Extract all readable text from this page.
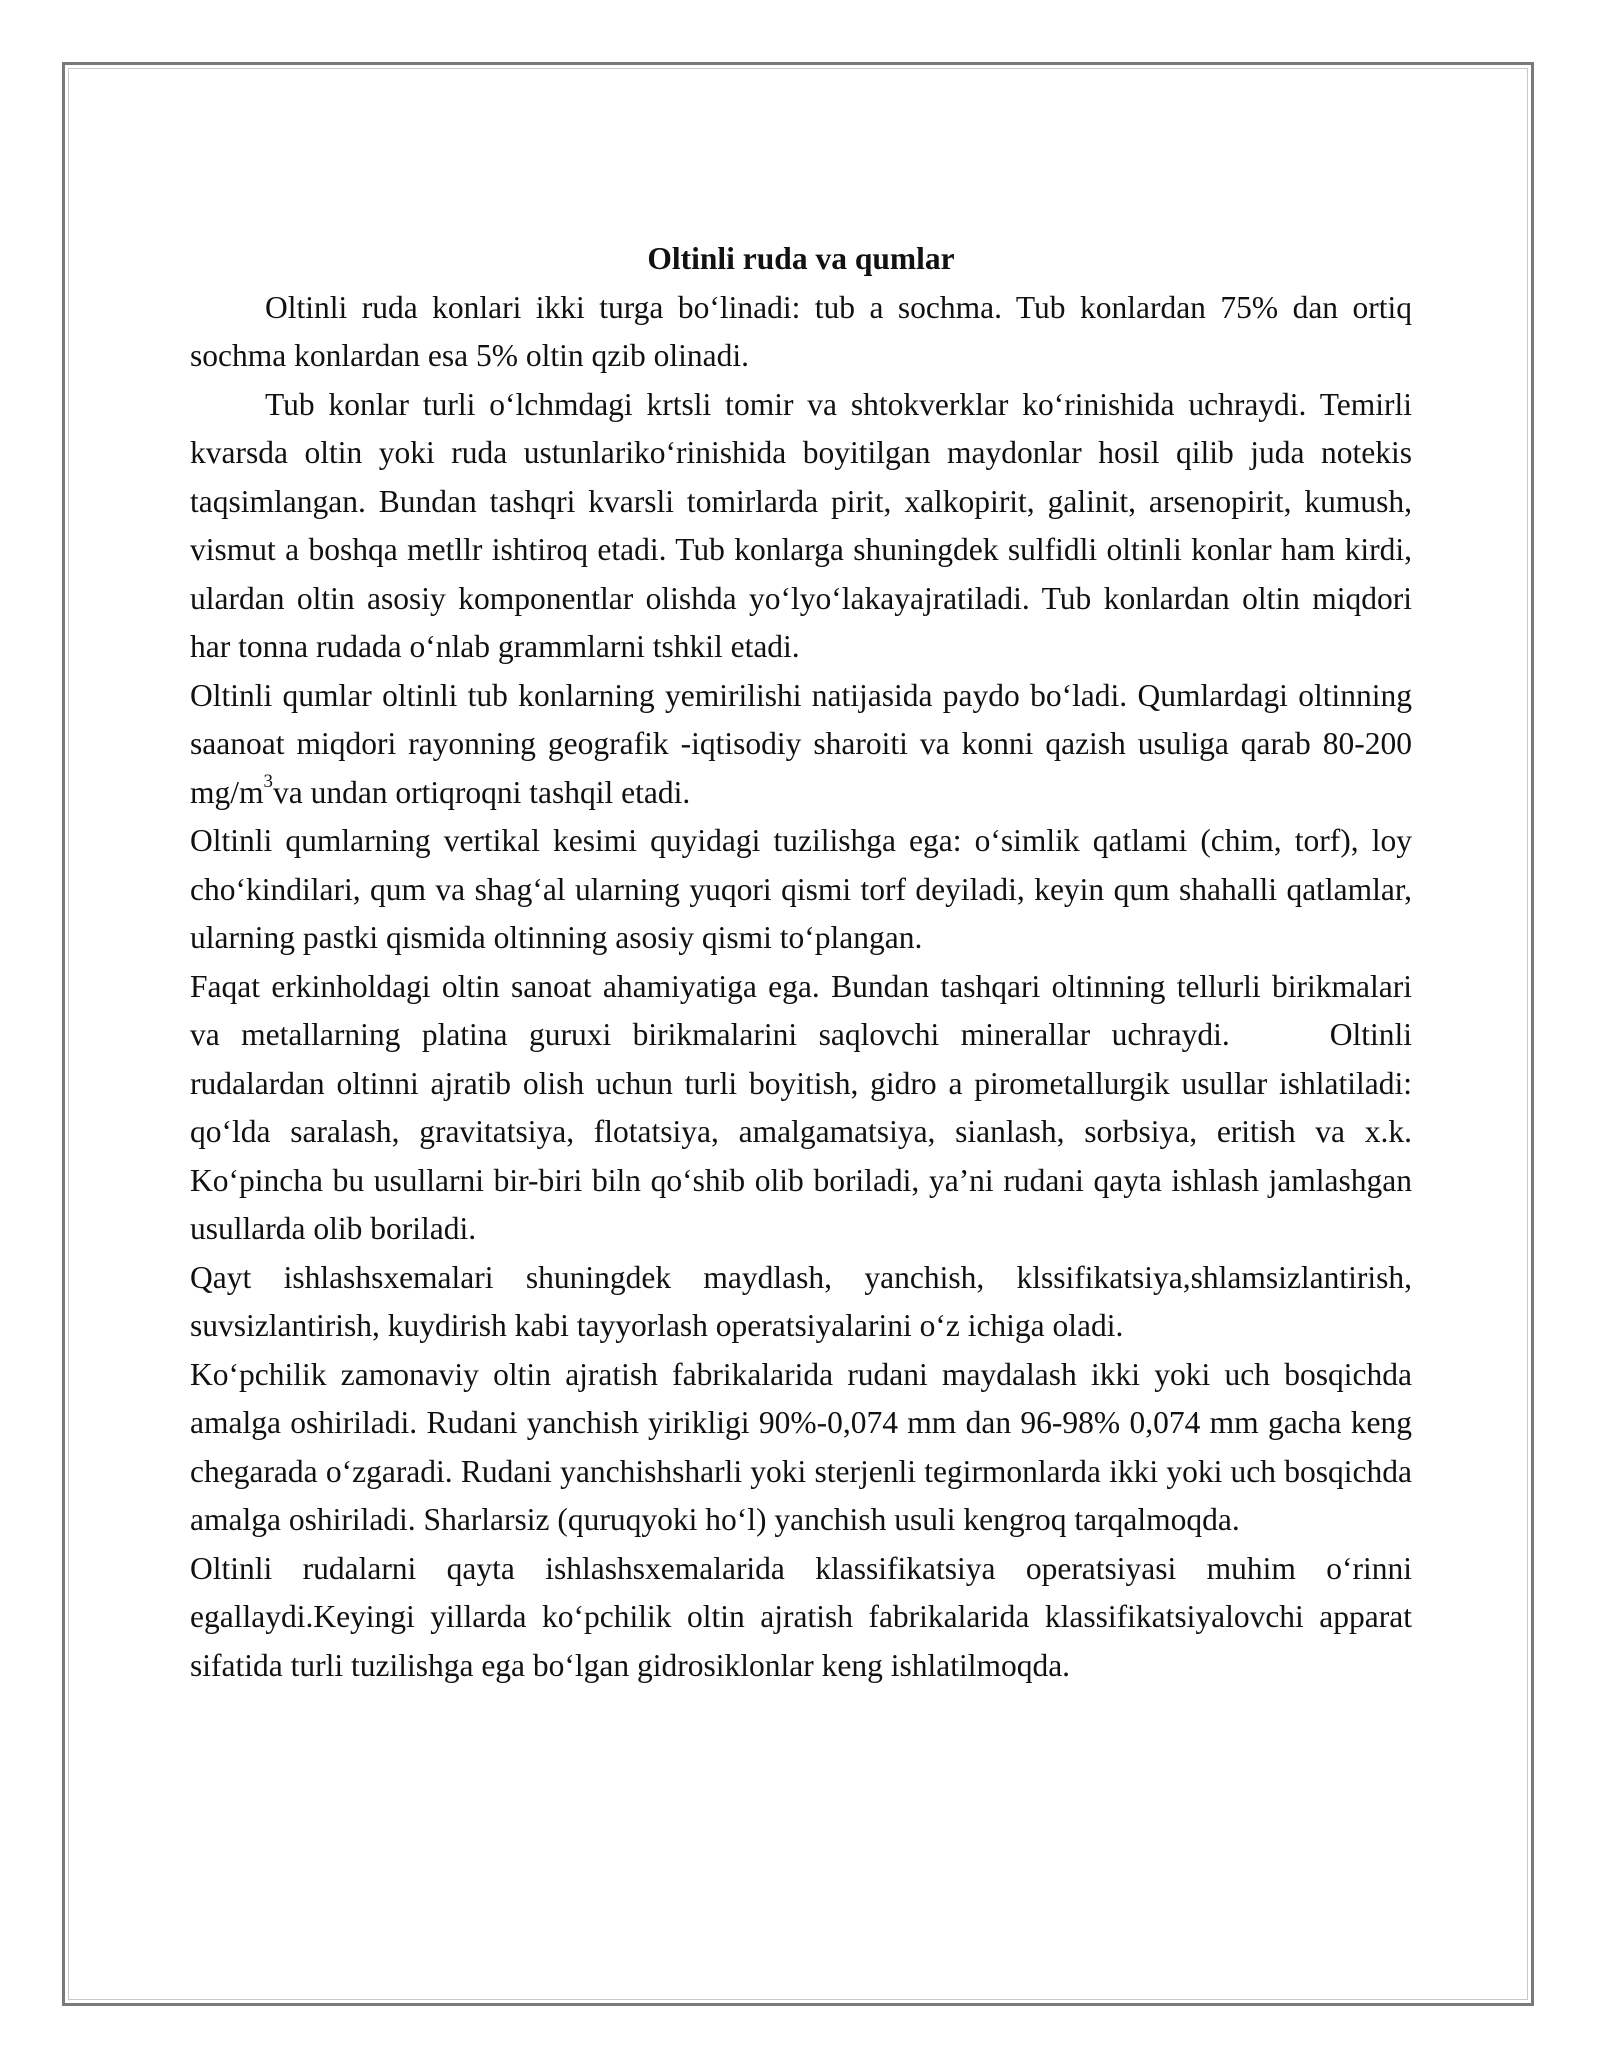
Oltinli ruda va qumlar

Oltinli ruda konlari ikki turga bo‘linadi: tub a sochma. Tub konlardan 75% dan ortiq sochma konlardan esa 5% oltin qzib olinadi.

Tub konlar turli o‘lchmdagi krtsli tomir va shtokverklar ko‘rinishida uchraydi. Temirli kvarsda oltin yoki ruda ustunlariko‘rinishida boyitilgan maydonlar hosil qilib juda notekis taqsimlangan. Bundan tashqri kvarsli tomirlarda pirit, xalkopirit, galinit, arsenopirit, kumush, vismut a boshqa metllr ishtiroq etadi. Tub konlarga shuningdek sulfidli oltinli konlar ham kirdi, ulardan oltin asosiy komponentlar olishda yo‘lyo‘lakayajratiladi. Tub konlardan oltin miqdori har tonna rudada o‘nlab grammlarni tshkil etadi.

Oltinli qumlar oltinli tub konlarning yemirilishi natijasida paydo bo‘ladi. Qumlardagi oltinning saanoat miqdori rayonning geografik -iqtisodiy sharoiti va konni qazish usuliga qarab 80-200 $mg/m^3va$ undan ortiqroqni tashqil etadi.

Oltinli qumlarning vertikal kesimi quyidagi tuzilishga ega: o‘simlik qatlami (chim, torf), loy cho‘kindilari, qum va shag‘al ularning yuqori qismi torf deyiladi, keyin qum shahalli qatlamlar, ularning pastki qismida oltinning asosiy qismi to‘plangan.

Faqat erkinholdagi oltin sanoat ahamiyatiga ega. Bundan tashqari oltinning tellurli birikmalari va metallarning platina guruxi birikmalarini saqlovchi minerallar uchraydi.	Oltinli rudalardan oltinni ajratib olish uchun turli boyitish, gidro a pirometallurgik usullar ishlatiladi: qo‘lda saralash, gravitatsiya, flotatsiya, amalgamatsiya, sianlash, sorbsiya, eritish va x.k. Ko‘pincha bu usullarni bir-biri biln qo‘shib olib boriladi, ya’ni rudani qayta ishlash jamlashgan usullarda olib boriladi.

Qayt ishlashsxemalari shuningdek maydlash, yanchish, klssifikatsiya,shlamsizlantirish, suvsizlantirish, kuydirish kabi tayyorlash operatsiyalarini o‘z ichiga oladi.

Ko‘pchilik zamonaviy oltin ajratish fabrikalarida rudani maydalash ikki yoki uch bosqichda amalga oshiriladi. Rudani yanchish yirikligi 90%-0,074 mm dan 96-98% 0,074 mm gacha keng chegarada o‘zgaradi. Rudani yanchishsharli yoki sterjenli tegirmonlarda ikki yoki uch bosqichda amalga oshiriladi. Sharlarsiz (quruqyoki ho‘l) yanchish usuli kengroq tarqalmoqda.

Oltinli rudalarni qayta ishlashsxemalarida klassifikatsiya operatsiyasi muhim o‘rinni egallaydi.Keyingi yillarda ko‘pchilik oltin ajratish fabrikalarida klassifikatsiyalovchi apparat sifatida turli tuzilishga ega bo‘lgan gidrosiklonlar keng ishlatilmoqda.
